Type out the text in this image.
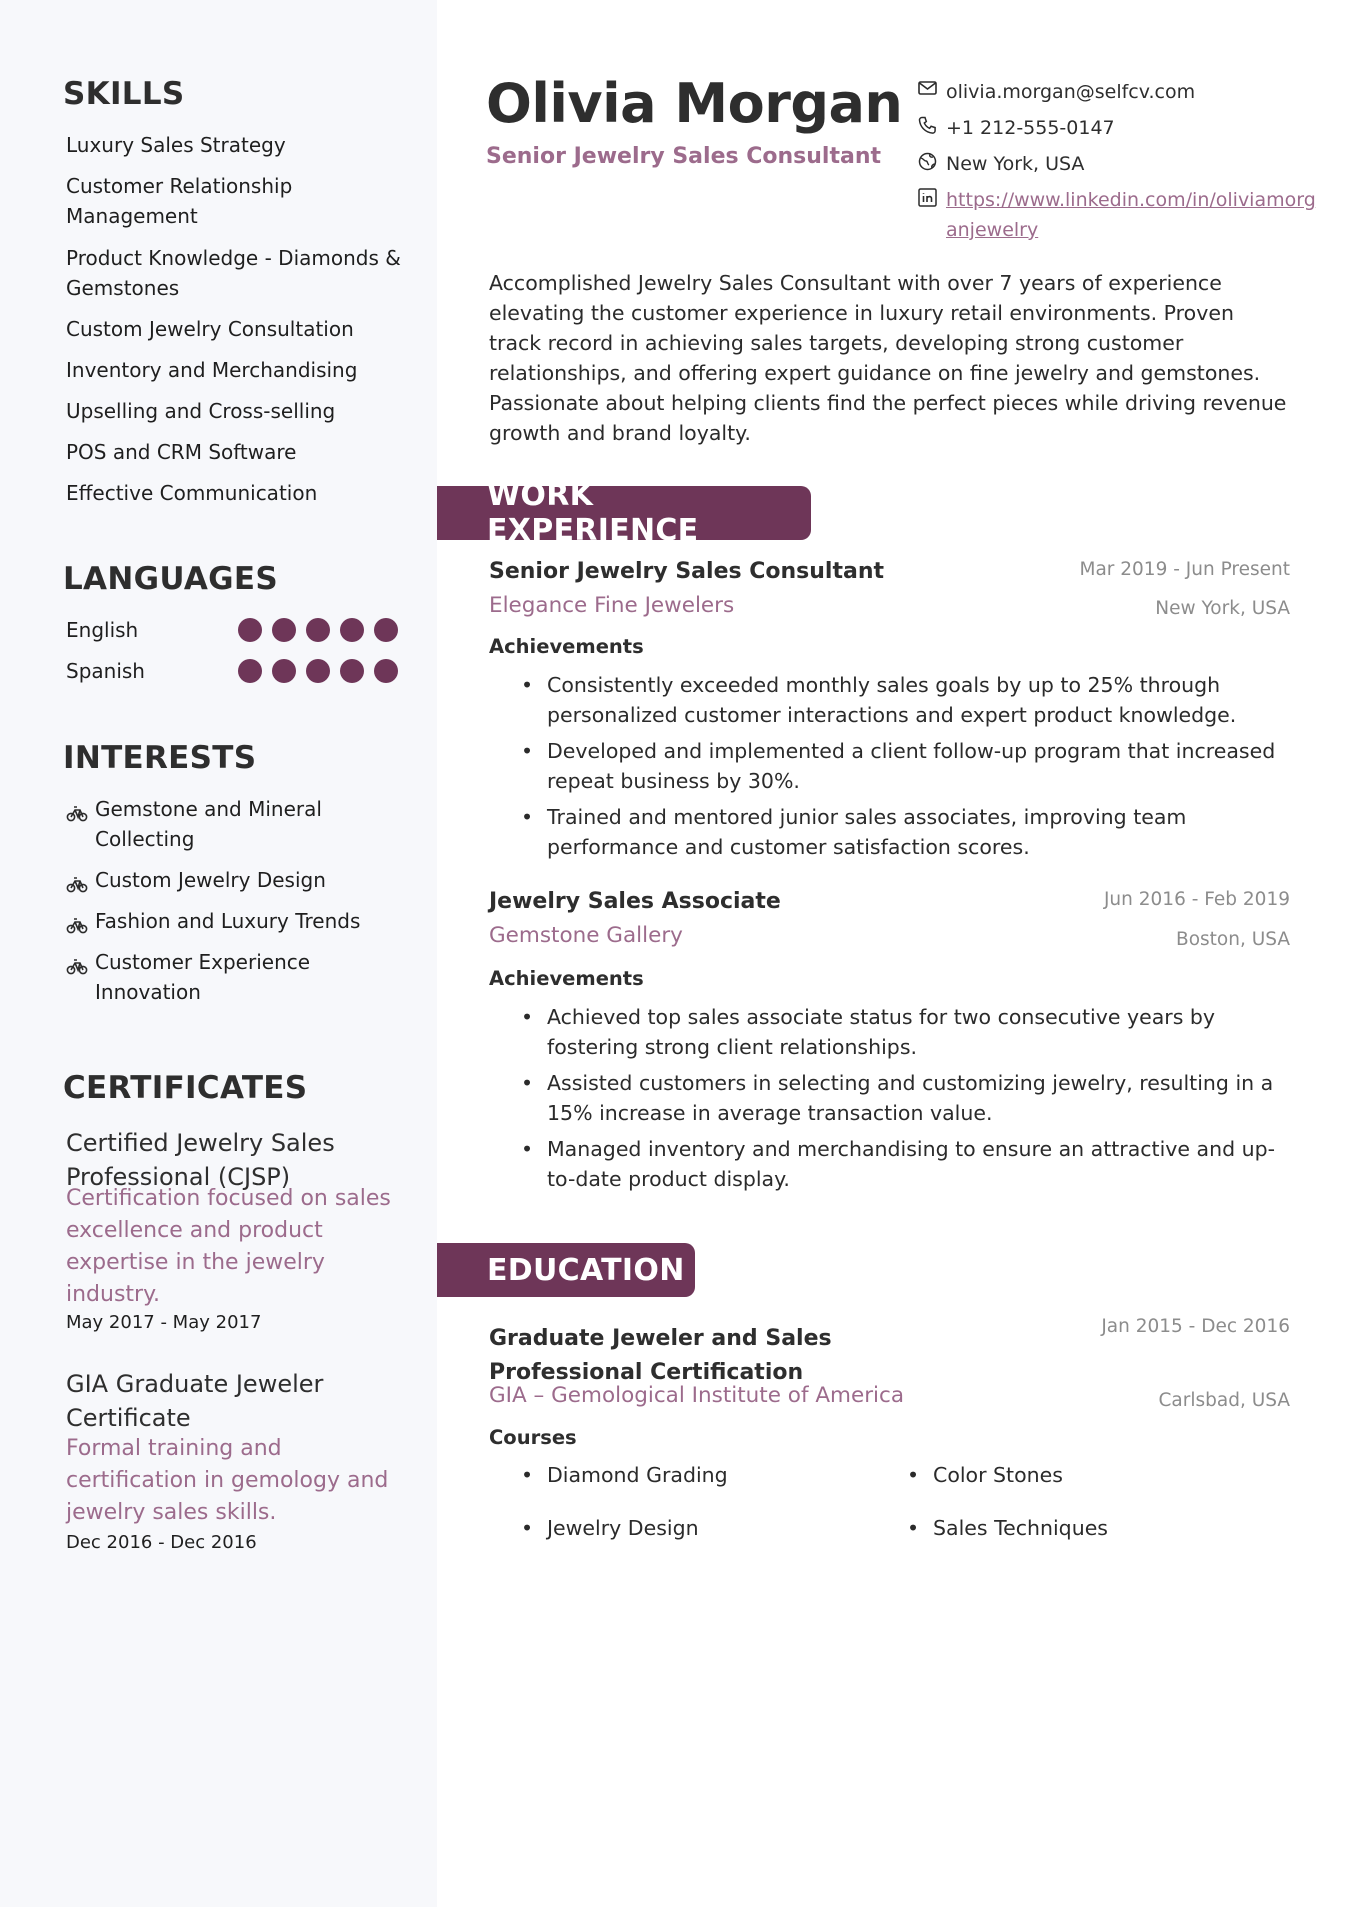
SKILLS
Luxury Sales Strategy
Customer Relationship Management
Product Knowledge - Diamonds & Gemstones
Custom Jewelry Consultation
Inventory and Merchandising
Upselling and Cross-selling
POS and CRM Software
Effective Communication
LANGUAGES
English
Spanish
INTERESTS
Gemstone and Mineral Collecting
Custom Jewelry Design
Fashion and Luxury Trends
Customer Experience Innovation
CERTIFICATES
Certified Jewelry Sales Professional (CJSP)
Certification focused on sales excellence and product expertise in the jewelry industry.
May 2017 - May 2017
GIA Graduate Jeweler Certificate
Formal training and certification in gemology and jewelry sales skills.
Dec 2016 - Dec 2016
Olivia Morgan
Senior Jewelry Sales Consultant
olivia.morgan@selfcv.com
+1 212-555-0147
New York, USA
https://www.linkedin.com/in/oliviamorganjewelry
Accomplished Jewelry Sales Consultant with over 7 years of experience elevating the customer experience in luxury retail environments. Proven track record in achieving sales targets, developing strong customer relationships, and offering expert guidance on fine jewelry and gemstones. Passionate about helping clients find the perfect pieces while driving revenue growth and brand loyalty.
WORK EXPERIENCE
Senior Jewelry Sales Consultant	Mar 2019 - Jun Present
Elegance Fine Jewelers	New York, USA
Achievements
• Consistently exceeded monthly sales goals by up to 25% through personalized customer interactions and expert product knowledge.
• Developed and implemented a client follow-up program that increased repeat business by 30%.
• Trained and mentored junior sales associates, improving team performance and customer satisfaction scores.
Jewelry Sales Associate	Jun 2016 - Feb 2019
Gemstone Gallery	Boston, USA
Achievements
• Achieved top sales associate status for two consecutive years by fostering strong client relationships.
• Assisted customers in selecting and customizing jewelry, resulting in a 15% increase in average transaction value.
• Managed inventory and merchandising to ensure an attractive and up-to-date product display.
EDUCATION
Graduate Jeweler and Sales Professional Certification
Jan 2015 - Dec 2016
GIA – Gemological Institute of America	Carlsbad, USA
Courses
• Diamond Grading	• Color Stones
• Jewelry Design	• Sales Techniques
